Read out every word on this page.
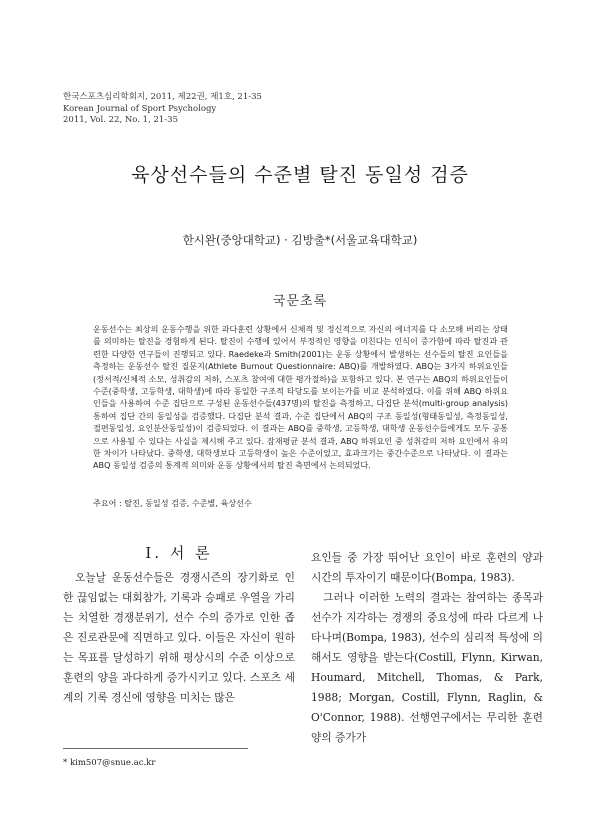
한국스포츠심리학회지, 2011, 제22권, 제1호, 21-35
Korean Journal of Sport Psychology
2011, Vol. 22, No. 1, 21-35
육상선수들의 수준별 탈진 동일성 검증
한시완(중앙대학교) · 김방출*(서울교육대학교)
국문초록

운동선수는 최상의 운동수행을 위한 과다훈련 상황에서 신체적 및 정신적으로 자신의 에너지를 다 소모해 버리는 상태를 의미하는 탈진을 경험하게 된다. 탈진이 수행에 있어서 부정적인 영향을 미친다는 인식이 증가함에 따라 탈진과 관련한 다양한 연구들이 진행되고 있다. Raedeke과 Smith(2001)는 운동 상황에서 발생하는 선수들의 탈진 요인들을 측정하는 운동선수 탈진 질문지(Athlete Burnout Questionnaire: ABQ)를 개발하였다. ABQ는 3가지 하위요인들(정서적/신체적 소모, 성취감의 저하, 스포츠 참여에 대한 평가절하)을 포함하고 있다. 본 연구는 ABQ의 하위요인들이 수준(중학생, 고등학생, 대학생)에 따라 동일한 구조적 타당도를 보이는가를 비교 분석하였다. 이를 위해 ABQ 하위요인들을 사용하여 수준 집단으로 구성된 운동선수들(437명)의 탈진을 측정하고, 다집단 분석(multi-group analysis) 통하여 집단 간의 동일성을 검증했다. 다집단 분석 결과, 수준 집단에서 ABQ의 구조 동일성(형태동일성, 측정동일성, 절편동일성, 요인분산동일성)이 검증되었다. 이 결과는 ABQ를 중학생, 고등학생, 대학생 운동선수들에게도 모두 공통으로 사용될 수 있다는 사실을 제시해 주고 있다. 잠재평균 분석 결과, ABQ 하위요인 중 성취감의 저하 요인에서 유의한 차이가 나타났다. 중학생, 대학생보다 고등학생이 높은 수준이었고, 효과크기는 중간수준으로 나타났다. 이 결과는 ABQ 동일성 검증의 통계적 의미와 운동 상황에서의 탈진 측면에서 논의되었다.

주요어 : 탈진, 동일성 검증, 수준별, 육상선수
Ⅰ. 서 론

오늘날 운동선수들은 경쟁시즌의 장기화로 인한 끊임없는 대회참가, 기록과 승패로 우열을 가리는 치열한 경쟁분위기, 선수 수의 증가로 인한 좁은 진로관문에 직면하고 있다. 이들은 자신이 원하는 목표를 달성하기 위해 평상시의 수준 이상으로 훈련의 양을 과다하게 증가시키고 있다. 스포츠 세계의 기록 경신에 영향을 미치는 많은

요인들 중 가장 뛰어난 요인이 바로 훈련의 양과 시간의 투자이기 때문이다(Bompa, 1983).

그러나 이러한 노력의 결과는 참여하는 종목과 선수가 지각하는 경쟁의 중요성에 따라 다르게 나타나며(Bompa, 1983), 선수의 심리적 특성에 의해서도 영향을 받는다(Costill, Flynn, Kirwan, Houmard, Mitchell, Thomas, & Park, 1988; Morgan, Costill, Flynn, Raglin, & O'Connor, 1988). 선행연구에서는 무리한 훈련양의 증가가

* kim507@snue.ac.kr
